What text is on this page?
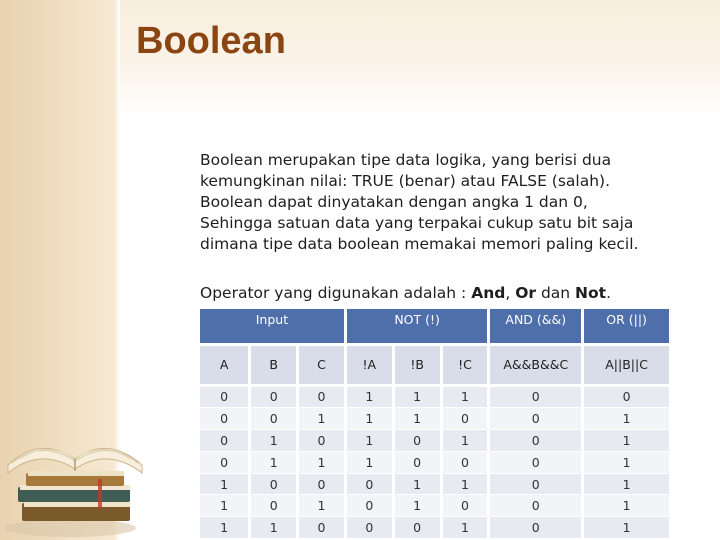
Boolean
Boolean merupakan tipe data logika, yang berisi dua
kemungkinan nilai: TRUE (benar) atau FALSE (salah).
Boolean dapat dinyatakan dengan angka 1 dan 0,
Sehingga satuan data yang terpakai cukup satu bit saja
dimana tipe data boolean memakai memori paling kecil.
Operator yang digunakan adalah : And, Or dan Not.
Input			NOT (!)			AND (&&)	OR (||)
A	B	C	!A	!B	!C	A&&B&&C	A||B||C
0	0	0	1	1	1	0	0
0	0	1	1	1	0	0	1
0	1	0	1	0	1	0	1
0	1	1	1	0	0	0	1
1	0	0	0	1	1	0	1
1	0	1	0	1	0	0	1
1	1	0	0	0	1	0	1
